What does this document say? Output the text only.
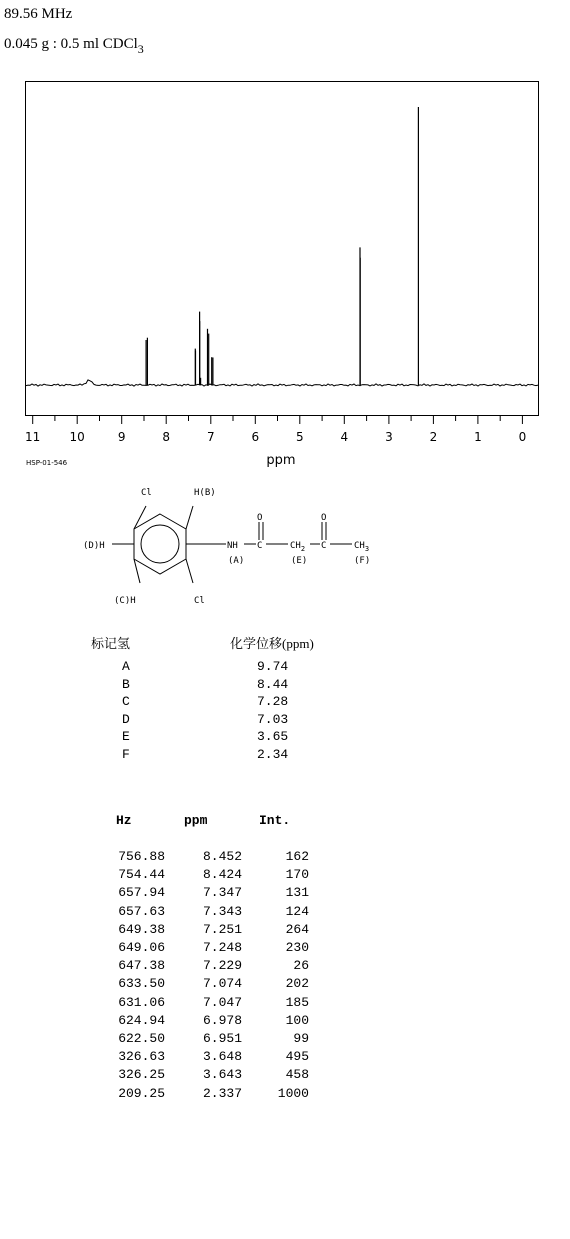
89.56 MHz
0.045 g : 0.5 ml CDCl$_3$
11 10	9	8	7	6	5	4	3	2	1	0
ppm
HSP-01-546
Cl	H(B)
(D)H
(C)H	Cl
NH C
O
$CH_2$ C
O
$CH_3$
(A)	(E)	(F)
标记氢	化学位移(ppm)
A	9.74
B	8.44
C	7.28
D	7.03
E	3.65
F	2.34
Hz	ppm	Int.
756.88	8.452	162
754.44	8.424	170
657.94	7.347	131
657.63	7.343	124
649.38	7.251	264
649.06	7.248	230
647.38	7.229	26
633.50	7.074	202
631.06	7.047	185
624.94	6.978	100
622.50	6.951	99
326.63	3.648	495
326.25	3.643	458
209.25	2.337	1000
